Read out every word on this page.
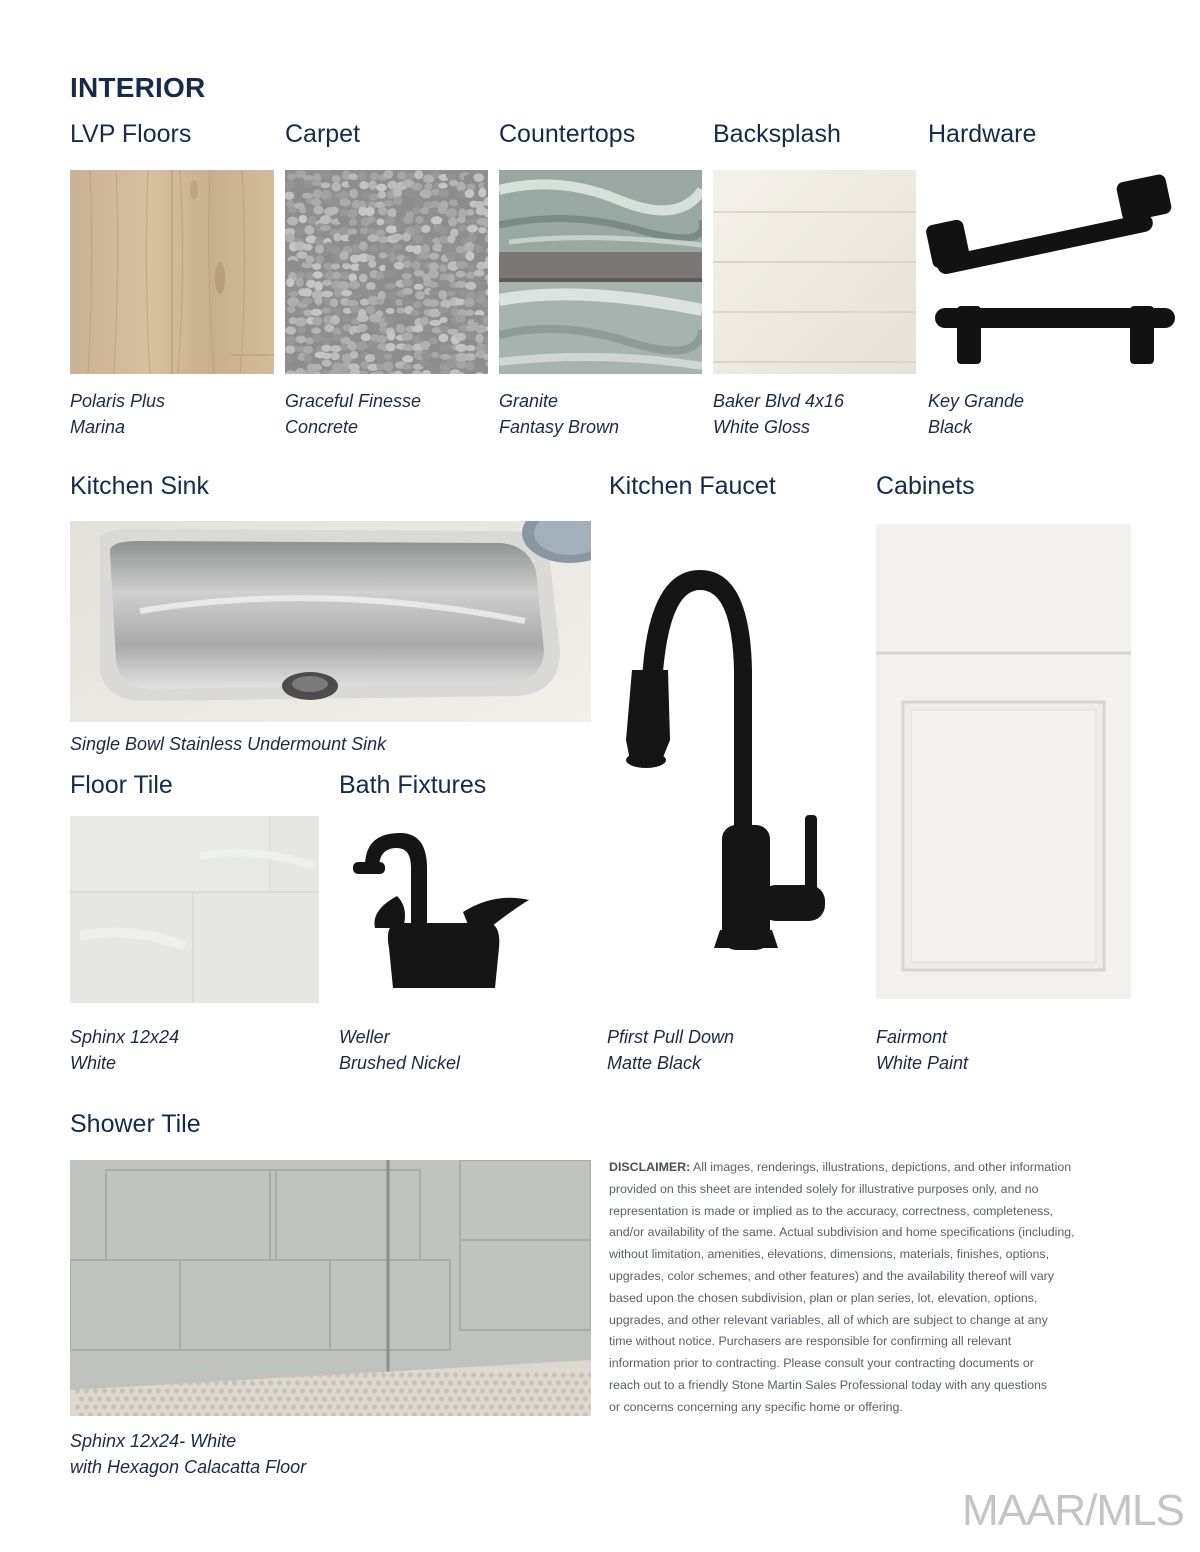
INTERIOR
LVP Floors	Carpet	Countertops	Backsplash	Hardware
Polaris Plus
Marina
Graceful Finesse
Concrete
Granite
Fantasy Brown
Baker Blvd 4x16
White Gloss
Key Grande
Black
Kitchen Sink	Kitchen Faucet	Cabinets
Single Bowl Stainless Undermount Sink
Floor Tile	Bath Fixtures
Sphinx 12x24
White
Weller
Brushed Nickel
Pfirst Pull Down
Matte Black
Fairmont
White Paint
Shower Tile
Sphinx 12x24- White
with Hexagon Calacatta Floor
DISCLAIMER: All images, renderings, illustrations, depictions, and other information
provided on this sheet are intended solely for illustrative purposes only, and no
representation is made or implied as to the accuracy, correctness, completeness,
and/or availability of the same. Actual subdivision and home specifications (including,
without limitation, amenities, elevations, dimensions, materials, finishes, options,
upgrades, color schemes, and other features) and the availability thereof will vary
based upon the chosen subdivision, plan or plan series, lot, elevation, options,
upgrades, and other relevant variables, all of which are subject to change at any
time without notice. Purchasers are responsible for confirming all relevant
information prior to contracting. Please consult your contracting documents or
reach out to a friendly Stone Martin Sales Professional today with any questions
or concerns concerning any specific home or offering.
MAAR/MLS
